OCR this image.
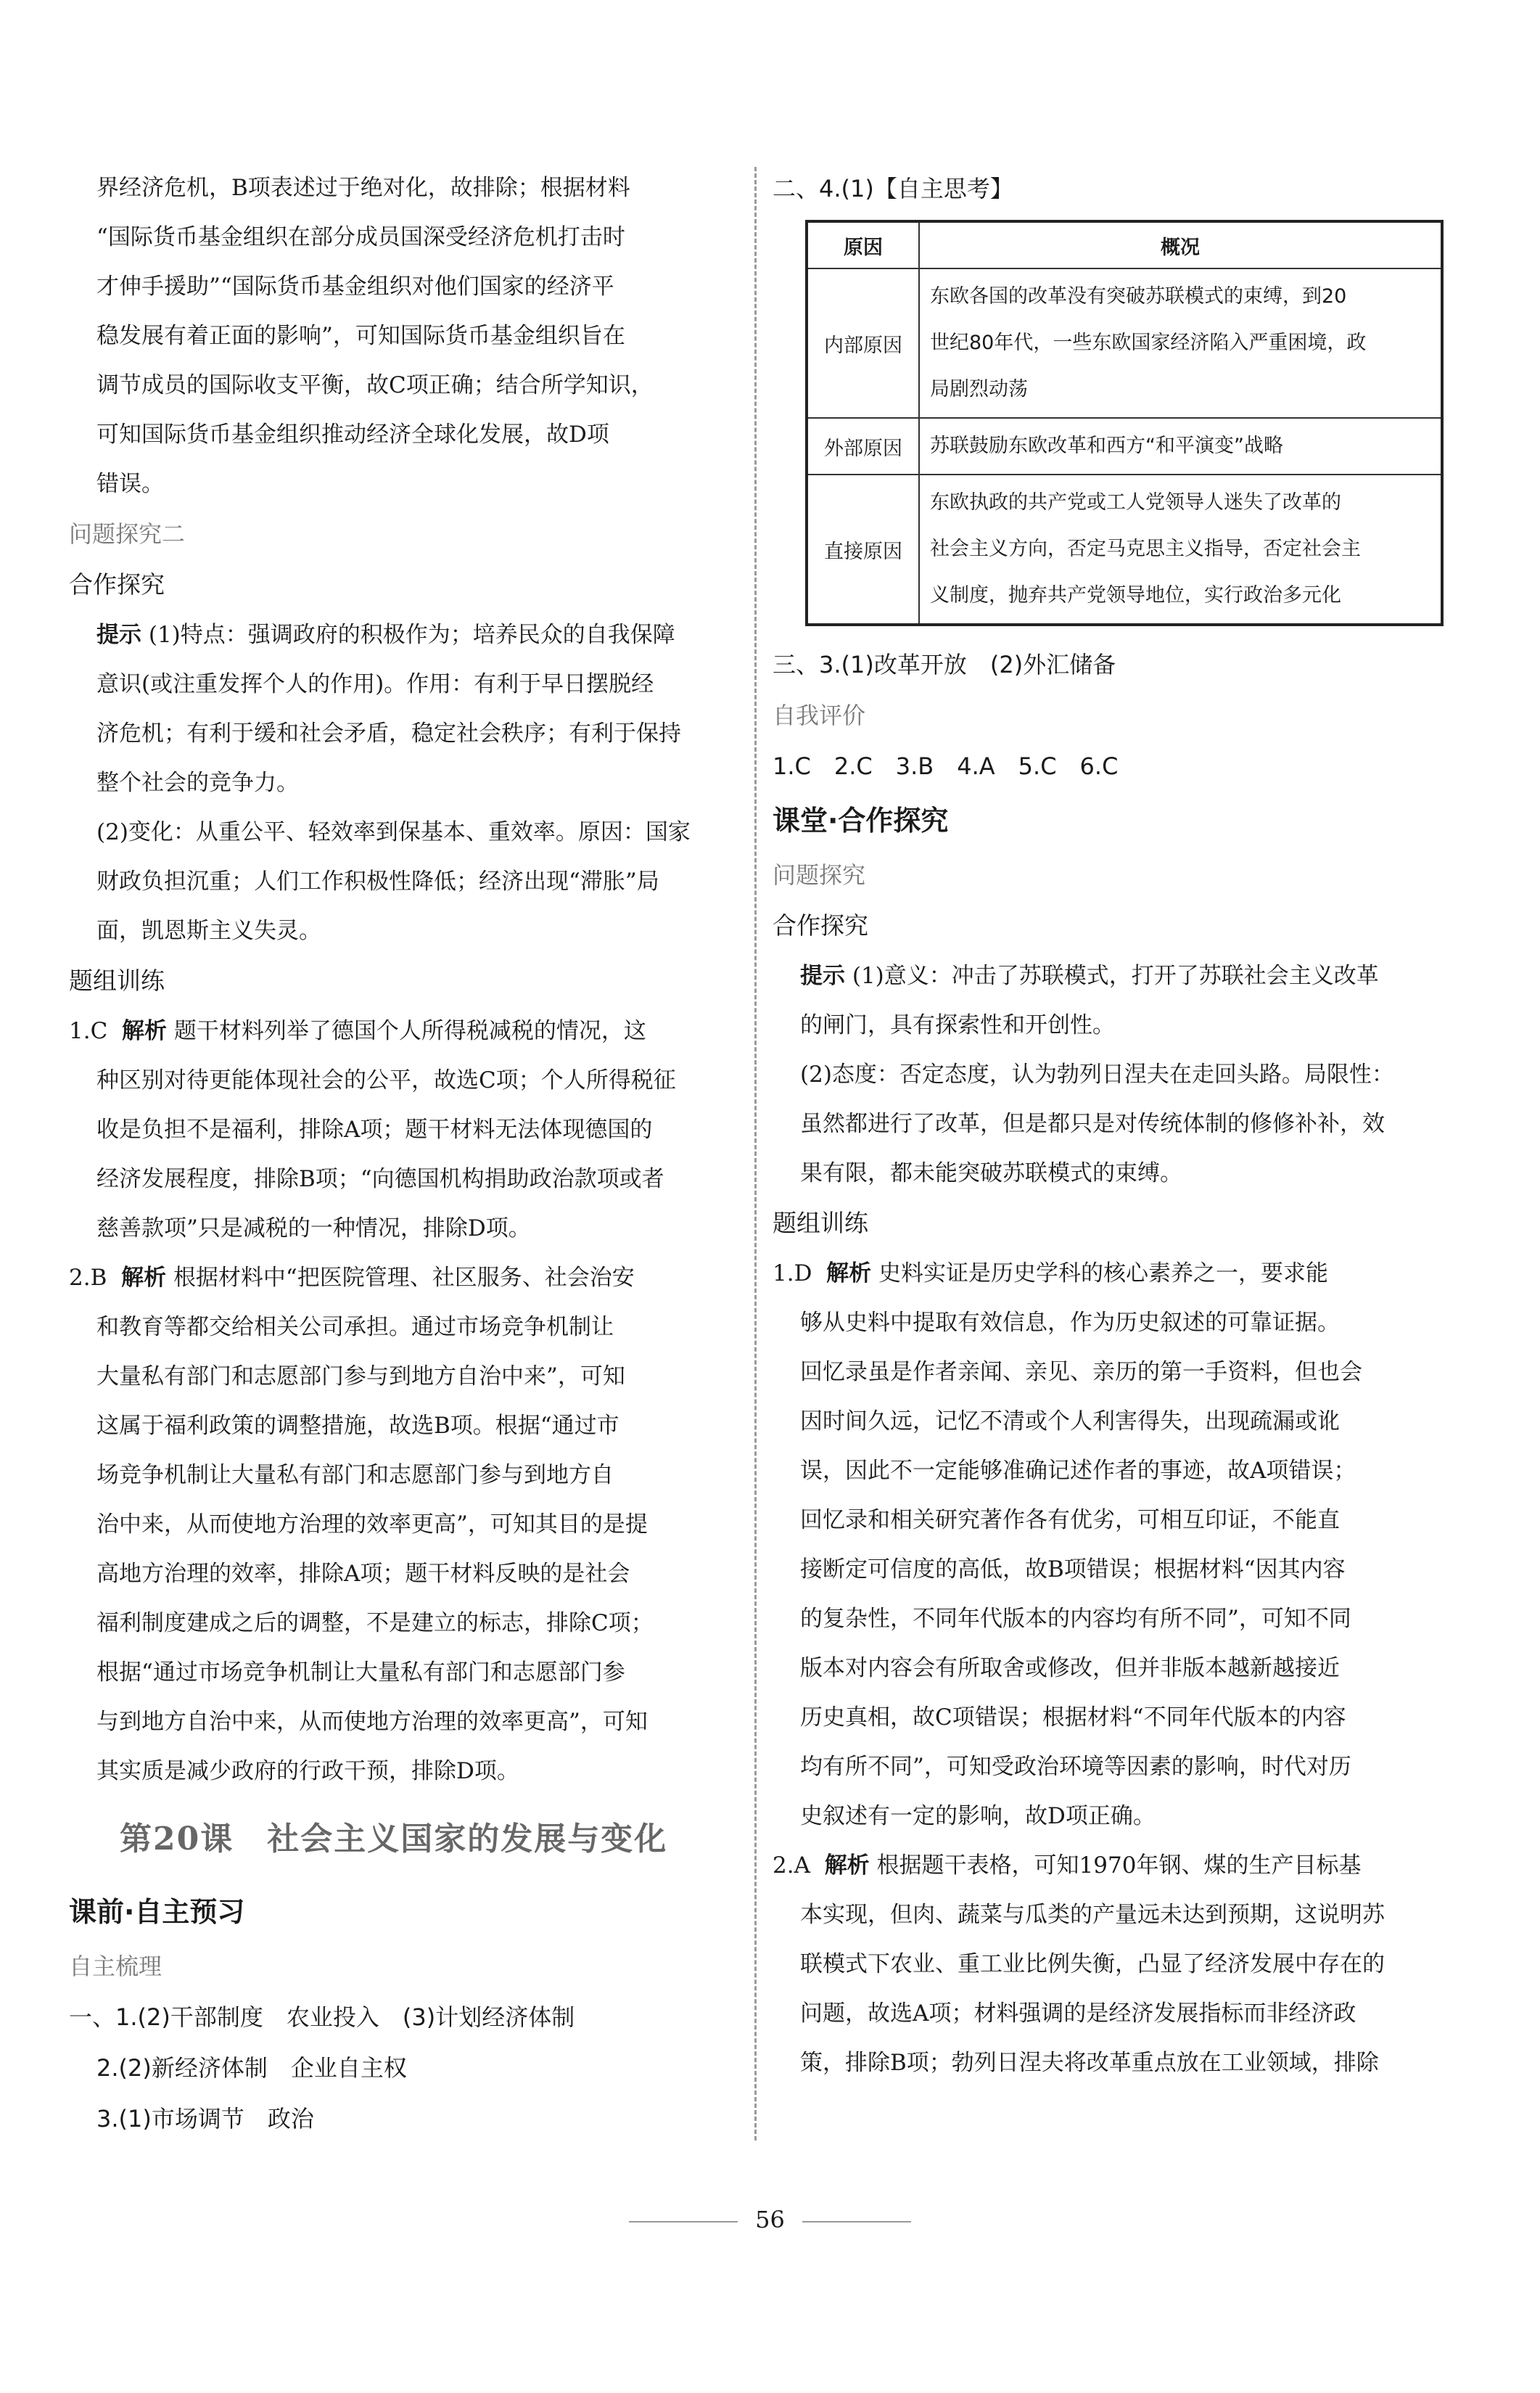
界经济危机，B项表述过于绝对化，故排除；根据材料

“国际货币基金组织在部分成员国深受经济危机打击时

才伸手援助”“国际货币基金组织对他们国家的经济平

稳发展有着正面的影响”，可知国际货币基金组织旨在

调节成员的国际收支平衡，故C项正确；结合所学知识，

可知国际货币基金组织推动经济全球化发展，故D项

错误。

问题探究二
合作探究

提示 (1)特点：强调政府的积极作为；培养民众的自我保障

意识(或注重发挥个人的作用)。作用：有利于早日摆脱经

济危机；有利于缓和社会矛盾，稳定社会秩序；有利于保持

整个社会的竞争力。

(2)变化：从重公平、轻效率到保基本、重效率。原因：国家

财政负担沉重；人们工作积极性降低；经济出现“滞胀”局

面，凯恩斯主义失灵。

题组训练

1.C 解析 题干材料列举了德国个人所得税减税的情况，这

种区别对待更能体现社会的公平，故选C项；个人所得税征

收是负担不是福利，排除A项；题干材料无法体现德国的

经济发展程度，排除B项；“向德国机构捐助政治款项或者

慈善款项”只是减税的一种情况，排除D项。

2.B 解析 根据材料中“把医院管理、社区服务、社会治安

和教育等都交给相关公司承担。通过市场竞争机制让

大量私有部门和志愿部门参与到地方自治中来”，可知

这属于福利政策的调整措施，故选B项。根据“通过市

场竞争机制让大量私有部门和志愿部门参与到地方自

治中来，从而使地方治理的效率更高”，可知其目的是提

高地方治理的效率，排除A项；题干材料反映的是社会

福利制度建成之后的调整，不是建立的标志，排除C项；

根据“通过市场竞争机制让大量私有部门和志愿部门参

与到地方自治中来，从而使地方治理的效率更高”，可知

其实质是减少政府的行政干预，排除D项。

第20课　社会主义国家的发展与变化
课前·自主预习
自主梳理
一、1.(2)干部制度　农业投入　(3)计划经济体制
2.(2)新经济体制　企业自主权
3.(1)市场调节　政治
二、4.(1)【自主思考】
原因	概况
内部原因	东欧各国的改革没有突破苏联模式的束缚，到20
世纪80年代，一些东欧国家经济陷入严重困境，政
局剧烈动荡

外部原因	苏联鼓励东欧改革和西方“和平演变”战略

直接原因	东欧执政的共产党或工人党领导人迷失了改革的
社会主义方向，否定马克思主义指导，否定社会主
义制度，抛弃共产党领导地位，实行政治多元化
三、3.(1)改革开放　(2)外汇储备
自我评价
1.C　2.C　3.B　4.A　5.C　6.C
课堂·合作探究
问题探究
合作探究

提示 (1)意义：冲击了苏联模式，打开了苏联社会主义改革

的闸门，具有探索性和开创性。

(2)态度：否定态度，认为勃列日涅夫在走回头路。局限性：

虽然都进行了改革，但是都只是对传统体制的修修补补，效

果有限，都未能突破苏联模式的束缚。

题组训练

1.D 解析 史料实证是历史学科的核心素养之一，要求能

够从史料中提取有效信息，作为历史叙述的可靠证据。

回忆录虽是作者亲闻、亲见、亲历的第一手资料，但也会

因时间久远，记忆不清或个人利害得失，出现疏漏或讹

误，因此不一定能够准确记述作者的事迹，故A项错误；

回忆录和相关研究著作各有优劣，可相互印证，不能直

接断定可信度的高低，故B项错误；根据材料“因其内容

的复杂性，不同年代版本的内容均有所不同”，可知不同

版本对内容会有所取舍或修改，但并非版本越新越接近

历史真相，故C项错误；根据材料“不同年代版本的内容

均有所不同”，可知受政治环境等因素的影响，时代对历

史叙述有一定的影响，故D项正确。

2.A 解析 根据题干表格，可知1970年钢、煤的生产目标基

本实现，但肉、蔬菜与瓜类的产量远未达到预期，这说明苏

联模式下农业、重工业比例失衡，凸显了经济发展中存在的

问题，故选A项；材料强调的是经济发展指标而非经济政

策，排除B项；勃列日涅夫将改革重点放在工业领域，排除

56
